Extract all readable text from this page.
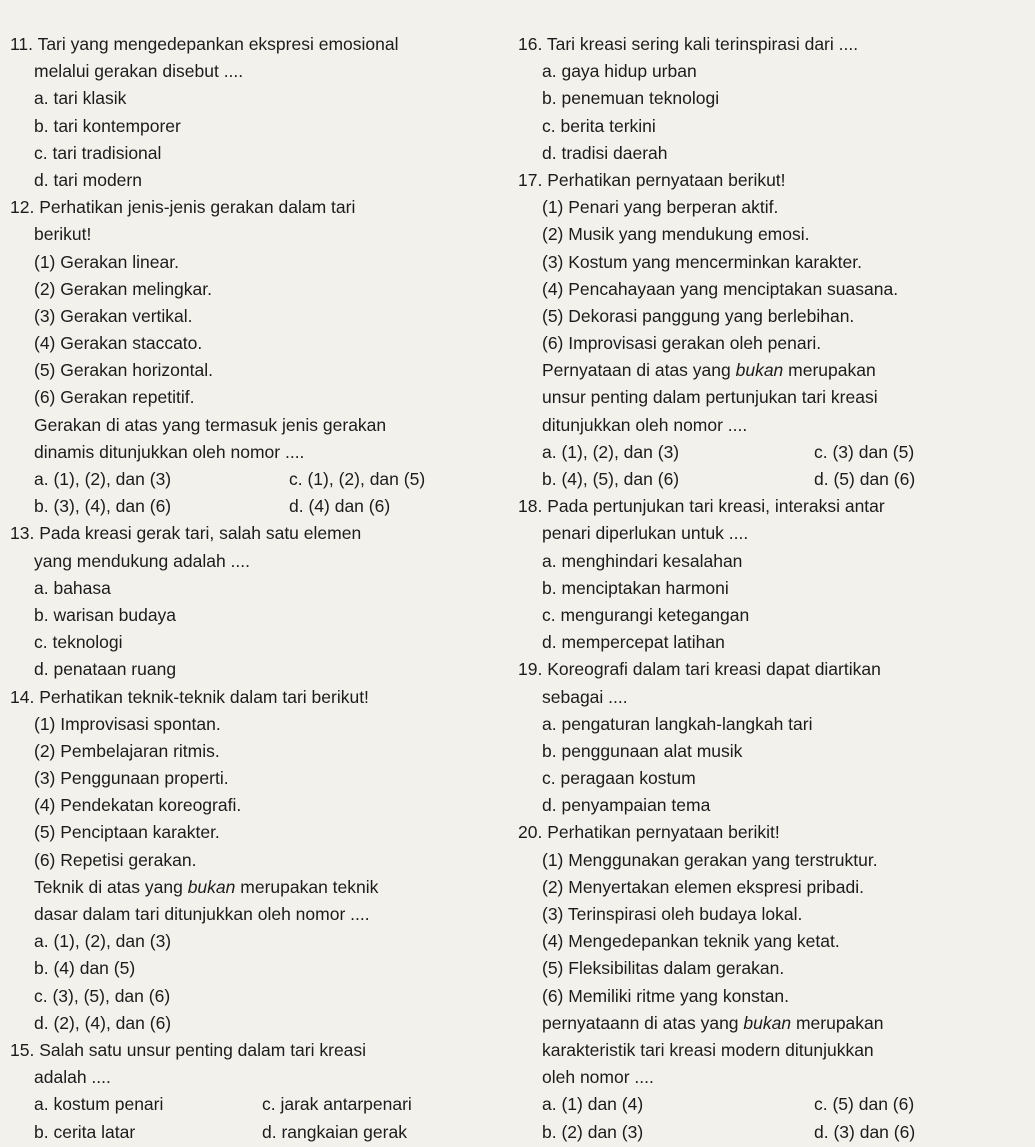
11. Tari yang mengedepankan ekspresi emosional
melalui gerakan disebut ....
a. tari klasik
b. tari kontemporer
c. tari tradisional
d. tari modern
12. Perhatikan jenis-jenis gerakan dalam tari
berikut!
(1) Gerakan linear.
(2) Gerakan melingkar.
(3) Gerakan vertikal.
(4) Gerakan staccato.
(5) Gerakan horizontal.
(6) Gerakan repetitif.
Gerakan di atas yang termasuk jenis gerakan
dinamis ditunjukkan oleh nomor ....
a. (1), (2), dan (3)	c. (1), (2), dan (5)
b. (3), (4), dan (6)	d. (4) dan (6)
13. Pada kreasi gerak tari, salah satu elemen
yang mendukung adalah ....
a. bahasa
b. warisan budaya
c. teknologi
d. penataan ruang
14. Perhatikan teknik-teknik dalam tari berikut!
(1) Improvisasi spontan.
(2) Pembelajaran ritmis.
(3) Penggunaan properti.
(4) Pendekatan koreografi.
(5) Penciptaan karakter.
(6) Repetisi gerakan.
Teknik di atas yang bukan merupakan teknik
dasar dalam tari ditunjukkan oleh nomor ....
a. (1), (2), dan (3)
b. (4) dan (5)
c. (3), (5), dan (6)
d. (2), (4), dan (6)
15. Salah satu unsur penting dalam tari kreasi
adalah ....
a. kostum penari	c. jarak antarpenari
b. cerita latar	d. rangkaian gerak
16. Tari kreasi sering kali terinspirasi dari ....
a. gaya hidup urban
b. penemuan teknologi
c. berita terkini
d. tradisi daerah
17. Perhatikan pernyataan berikut!
(1) Penari yang berperan aktif.
(2) Musik yang mendukung emosi.
(3) Kostum yang mencerminkan karakter.
(4) Pencahayaan yang menciptakan suasana.
(5) Dekorasi panggung yang berlebihan.
(6) Improvisasi gerakan oleh penari.
Pernyataan di atas yang bukan merupakan
unsur penting dalam pertunjukan tari kreasi
ditunjukkan oleh nomor ....
a. (1), (2), dan (3)	c. (3) dan (5)
b. (4), (5), dan (6)	d. (5) dan (6)
18. Pada pertunjukan tari kreasi, interaksi antar
penari diperlukan untuk ....
a. menghindari kesalahan
b. menciptakan harmoni
c. mengurangi ketegangan
d. mempercepat latihan
19. Koreografi dalam tari kreasi dapat diartikan
sebagai ....
a. pengaturan langkah-langkah tari
b. penggunaan alat musik
c. peragaan kostum
d. penyampaian tema
20. Perhatikan pernyataan berikit!
(1) Menggunakan gerakan yang terstruktur.
(2) Menyertakan elemen ekspresi pribadi.
(3) Terinspirasi oleh budaya lokal.
(4) Mengedepankan teknik yang ketat.
(5) Fleksibilitas dalam gerakan.
(6) Memiliki ritme yang konstan.
pernyataann di atas yang bukan merupakan
karakteristik tari kreasi modern ditunjukkan
oleh nomor ....
a. (1) dan (4)	c. (5) dan (6)
b. (2) dan (3)	d. (3) dan (6)
